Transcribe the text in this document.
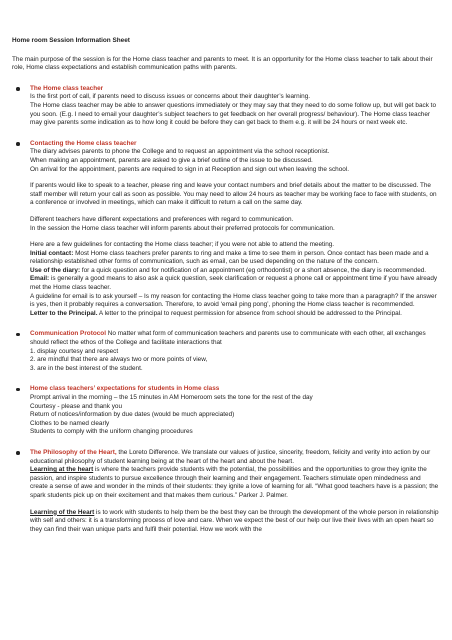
Home room Session Information Sheet

The main purpose of the session is for the Home class teacher and parents to meet. It is an opportunity for the Home class teacher to talk about their role, Home class expectations and establish communication paths with parents.

The Home class teacher

Is the first port of call, if parents need to discuss issues or concerns about their daughter’s learning.

The Home class teacher may be able to answer questions immediately or they may say that they need to do some follow up, but will get back to you soon. (E.g. I need to email your daughter’s subject teachers to get feedback on her overall progress/ behaviour). The Home class teacher may give parents some indication as to how long it could be before they can get back to them e.g. it will be 24 hours or next week etc.

Contacting the Home class teacher

The diary advises parents to phone the College and to request an appointment via the school receptionist.

When making an appointment, parents are asked to give a brief outline of the issue to be discussed.

On arrival for the appointment, parents are required to sign in at Reception and sign out when leaving the school.

If parents would like to speak to a teacher, please ring and leave your contact numbers and brief details about the matter to be discussed. The staff member will return your call as soon as possible. You may need to allow 24 hours as teacher may be working face to face with students, on a conference or involved in meetings, which can make it difficult to return a call on the same day.

Different teachers have different expectations and preferences with regard to communication.

In the session the Home class teacher will inform parents about their preferred protocols for communication.

Here are a few guidelines for contacting the Home class teacher; if you were not able to attend the meeting.

Initial contact: Most Home class teachers prefer parents to ring and make a time to see them in person. Once contact has been made and a relationship established other forms of communication, such as email, can be used depending on the nature of the concern.

Use of the diary: for a quick question and for notification of an appointment (eg orthodontist) or a short absence, the diary is recommended.

Email: is generally a good means to also ask a quick question, seek clarification or request a phone call or appointment time if you have already met the Home class teacher.

A guideline for email is to ask yourself – Is my reason for contacting the Home class teacher going to take more than a paragraph? If the answer is yes, then it probably requires a conversation. Therefore, to avoid ‘email ping pong’, phoning the Home class teacher is recommended.

Letter to the Principal. A letter to the principal to request permission for absence from school should be addressed to the Principal.

Communication Protocol No matter what form of communication teachers and parents use to communicate with each other, all exchanges should reflect the ethos of the College and facilitate interactions that

1. display courtesy and respect

2. are mindful that there are always two or more points of view,

3. are in the best interest of the student.

Home class teachers’ expectations for students in Home class

Prompt arrival in the morning – the 15 minutes in AM Homeroom sets the tone for the rest of the day

Courtesy - please and thank you

Return of notices/information by due dates (would be much appreciated)

Clothes to be named clearly

Students to comply with the uniform changing procedures

The Philosophy of the Heart, the Loreto Difference. We translate our values of justice, sincerity, freedom, felicity and verity into action by our educational philosophy of student learning being at the heart of the heart and about the heart.

Learning at the heart is where the teachers provide students with the potential, the possibilities and the opportunities to grow they ignite the passion, and inspire students to pursue excellence through their learning and their engagement. Teachers stimulate open mindedness and create a sense of awe and wonder in the minds of their students: they ignite a love of learning for all. “What good teachers have is a passion; the spark students pick up on their excitement and that makes them curious.” Parker J. Palmer.

Learning of the Heart is to work with students to help them be the best they can be through the development of the whole person in relationship with self and others: it is a transforming process of love and care. When we expect the best of our help our live their lives with an open heart so they can find their wan unique parts and fulfil their potential. How we work with the
